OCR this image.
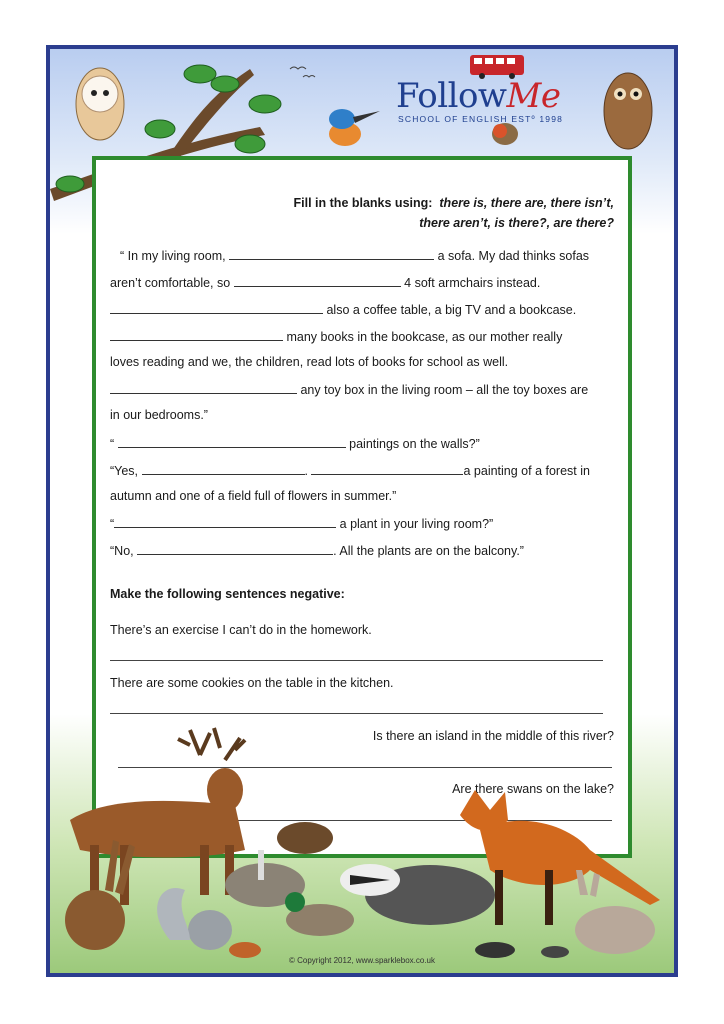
FollowMe
SCHOOL OF ENGLISH ESTº 1998
Fill in the blanks using: there is, there are, there isn’t,
there aren’t, is there?, are there?
“ In my living room,	a sofa. My dad thinks sofas
aren’t comfortable, so	4 soft armchairs instead.
also a coffee table, a big TV and a bookcase.
many books in the bookcase, as our mother really
loves reading and we, the children, read lots of books for school as well.
any toy box in the living room – all the toy boxes are
in our bedrooms.”
“	paintings on the walls?”
“Yes,	.	a painting of a forest in
autumn and one of a field full of flowers in summer.”
“	a plant in your living room?”
“No,	. All the plants are on the balcony.”
Make the following sentences negative:
There’s an exercise I can’t do in the homework.
There are some cookies on the table in the kitchen.
Is there an island in the middle of this river?
Are there swans on the lake?
© Copyright 2012, www.sparklebox.co.uk
